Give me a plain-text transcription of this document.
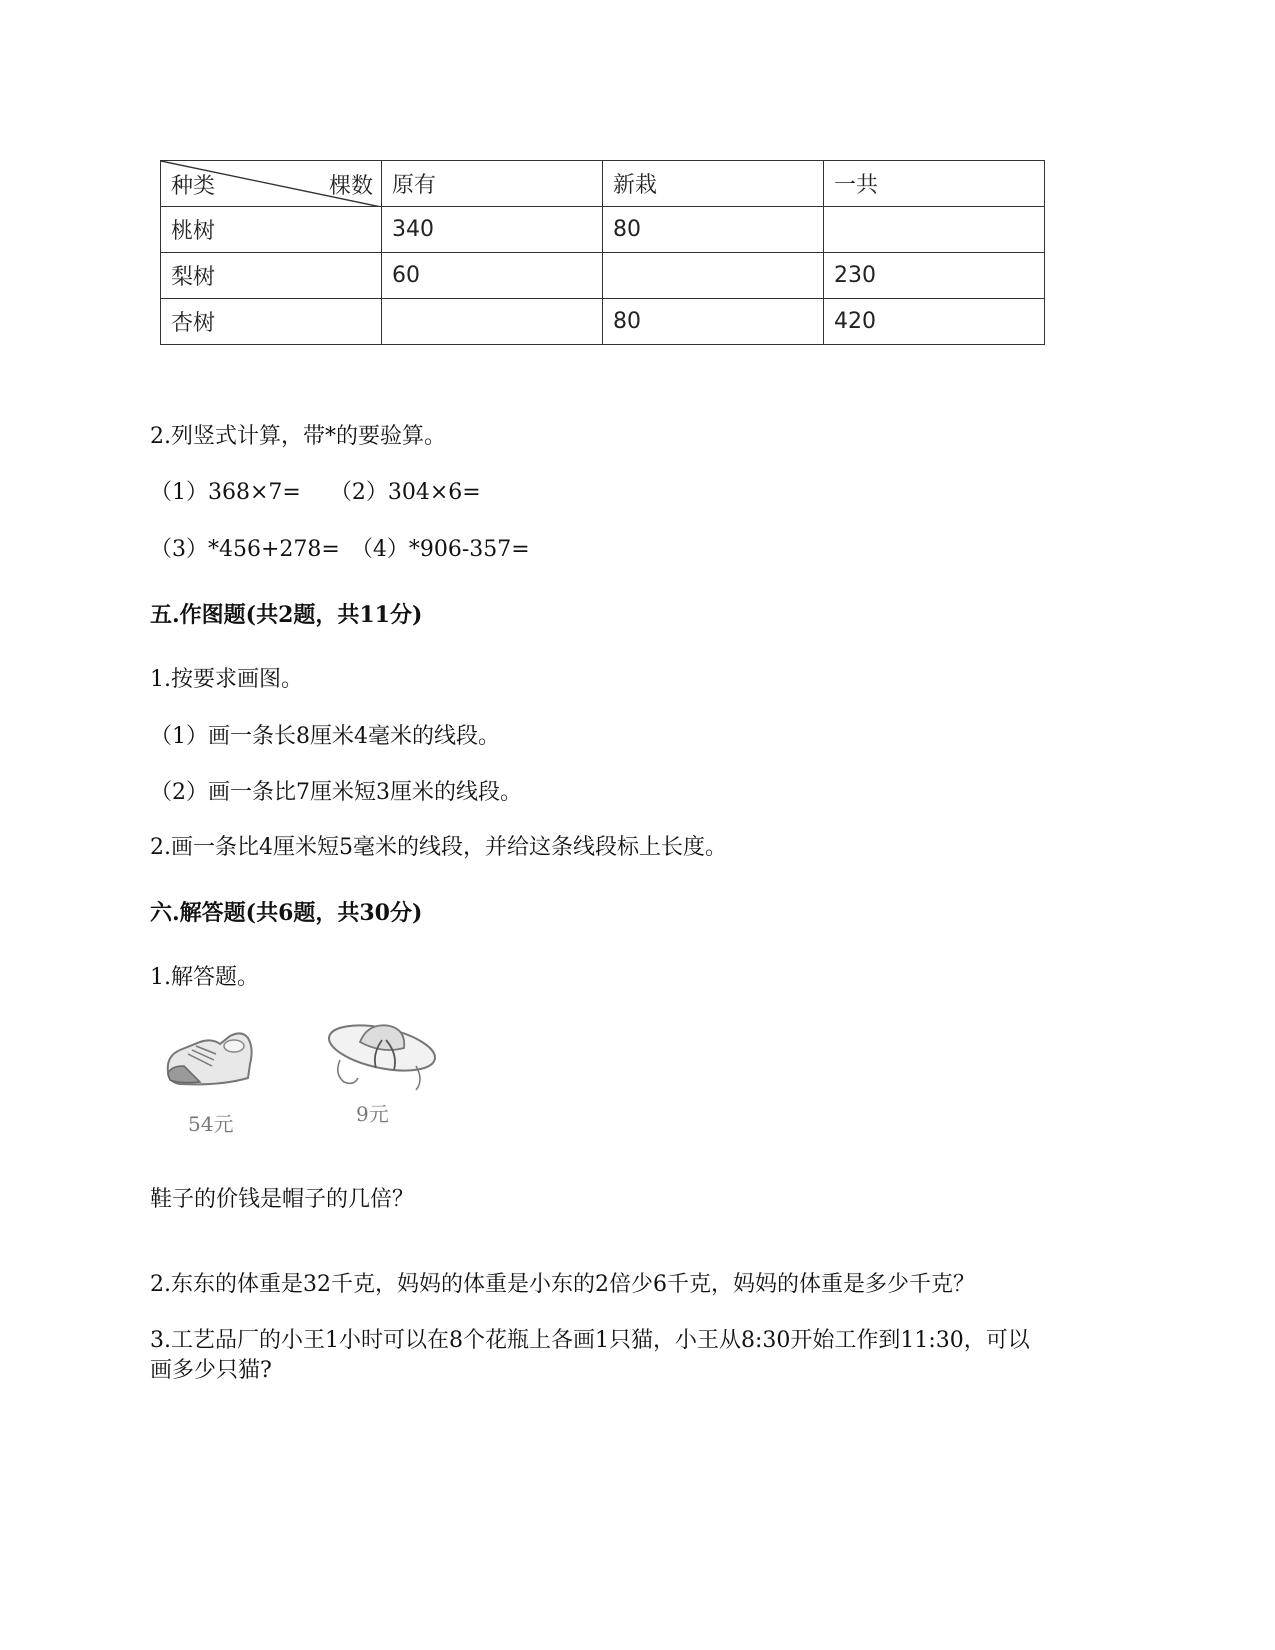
种类 棵数	原有	新栽	一共
桃树	340	80	
梨树	60		230
杏树		80	420
2.列竖式计算，带*的要验算。
（1）368×7=　 （2）304×6=
（3）*456+278=　（4）*906-357=
五.作图题(共2题，共11分)
1.按要求画图。
（1）画一条长8厘米4毫米的线段。
（2）画一条比7厘米短3厘米的线段。
2.画一条比4厘米短5毫米的线段，并给这条线段标上长度。
六.解答题(共6题，共30分)
1.解答题。
54元	9元
鞋子的价钱是帽子的几倍？
2.东东的体重是32千克，妈妈的体重是小东的2倍少6千克，妈妈的体重是多少千克？
3.工艺品厂的小王1小时可以在8个花瓶上各画1只猫，小王从8:30开始工作到11:30，可以
画多少只猫?
